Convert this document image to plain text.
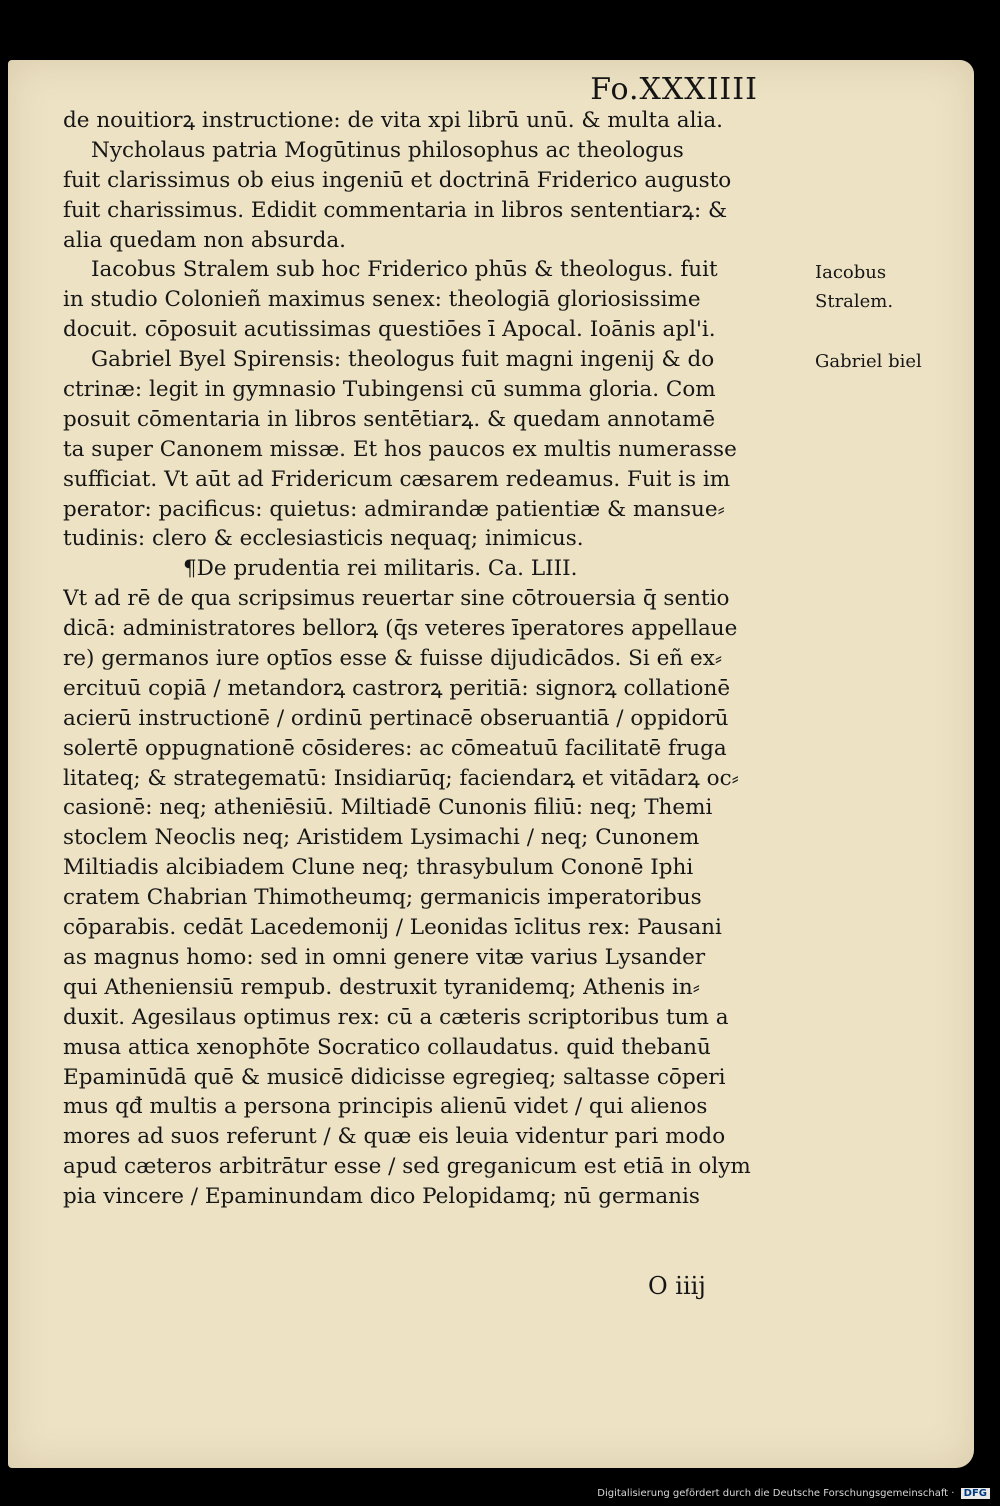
Fo.XXXIIII
de nouitiorꝝ instructione: de vita xpi librū unū. & multa alia.
Nycholaus patria Mogūtinus philosophus ac theologus
fuit clarissimus ob eius ingeniū et doctrinā Friderico augusto
fuit charissimus. Edidit commentaria in libros sententiarꝝ: &
alia quedam non absurda.
Iacobus Stralem sub hoc Friderico phūs & theologus. fuit
in studio Colonieñ maximus senex: theologiā gloriosissime
docuit. cōposuit acutissimas questiōes ī Apocal. Ioānis apl'i.
Gabriel Byel Spirensis: theologus fuit magni ingenij & do
ctrinæ: legit in gymnasio Tubingensi cū summa gloria. Com
posuit cōmentaria in libros sentētiarꝝ. & quedam annotamē
ta super Canonem missæ. Et hos paucos ex multis numerasse
sufficiat. Vt aūt ad Fridericum cæsarem redeamus. Fuit is im
perator: pacificus: quietus: admirandæ patientiæ & mansue⸗
tudinis: clero & ecclesiasticis nequaq; inimicus.
¶De prudentia rei militaris. Ca. LIII.
Vt ad rē de qua scripsimus reuertar sine cōtrouersia q̄ sentio
dicā: administratores bellorꝝ (q̄s veteres īperatores appellaue
re) germanos iure optīos esse & fuisse dijudicādos. Si eñ ex⸗
ercituū copiā / metandorꝝ castrorꝝ peritiā: signorꝝ collationē
acierū instructionē / ordinū pertinacē obseruantiā / oppidorū
solertē oppugnationē cōsideres: ac cōmeatuū facilitatē fruga
litateq; & strategematū: Insidiarūq; faciendarꝝ et vitādarꝝ oc⸗
casionē: neq; atheniēsiū. Miltiadē Cunonis filiū: neq; Themi
stoclem Neoclis neq; Aristidem Lysimachi / neq; Cunonem
Miltiadis alcibiadem Clune neq; thrasybulum Cononē Iphi
cratem Chabrian Thimotheumq; germanicis imperatoribus
cōparabis. cedāt Lacedemonij / Leonidas īclitus rex: Pausani
as magnus homo: sed in omni genere vitæ varius Lysander
qui Atheniensiū rempub. destruxit tyranidemq; Athenis in⸗
duxit. Agesilaus optimus rex: cū a cæteris scriptoribus tum a
musa attica xenophōte Socratico collaudatus. quid thebanū
Epaminūdā quē & musicē didicisse egregieq; saltasse cōperi
mus qđ multis a persona principis alienū videt / qui alienos
mores ad suos referunt / & quæ eis leuia videntur pari modo
apud cæteros arbitrātur esse / sed greganicum est etiā in olym
pia vincere / Epaminundam dico Pelopidamq; nū germanis
Iacobus
Stralem.
Gabriel biel
O iiij
Digitalisierung gefördert durch die Deutsche Forschungsgemeinschaft · DFG
